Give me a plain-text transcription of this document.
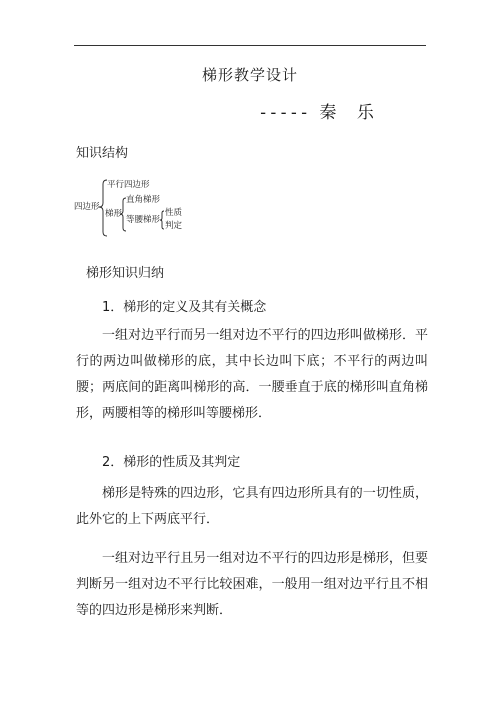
梯形教学设计
----- 秦  乐
知识结构
四边形
平行四边形
梯形
直角梯形
等腰梯形
性质
判定
梯形知识归纳
1．梯形的定义及其有关概念

一组对边平行而另一组对边不平行的四边形叫做梯形．平行的两边叫做梯形的底，其中长边叫下底；不平行的两边叫腰；两底间的距离叫梯形的高．一腰垂直于底的梯形叫直角梯形，两腰相等的梯形叫等腰梯形．

2．梯形的性质及其判定

梯形是特殊的四边形，它具有四边形所具有的一切性质，此外它的上下两底平行．

一组对边平行且另一组对边不平行的四边形是梯形，但要判断另一组对边不平行比较困难，一般用一组对边平行且不相等的四边形是梯形来判断．
